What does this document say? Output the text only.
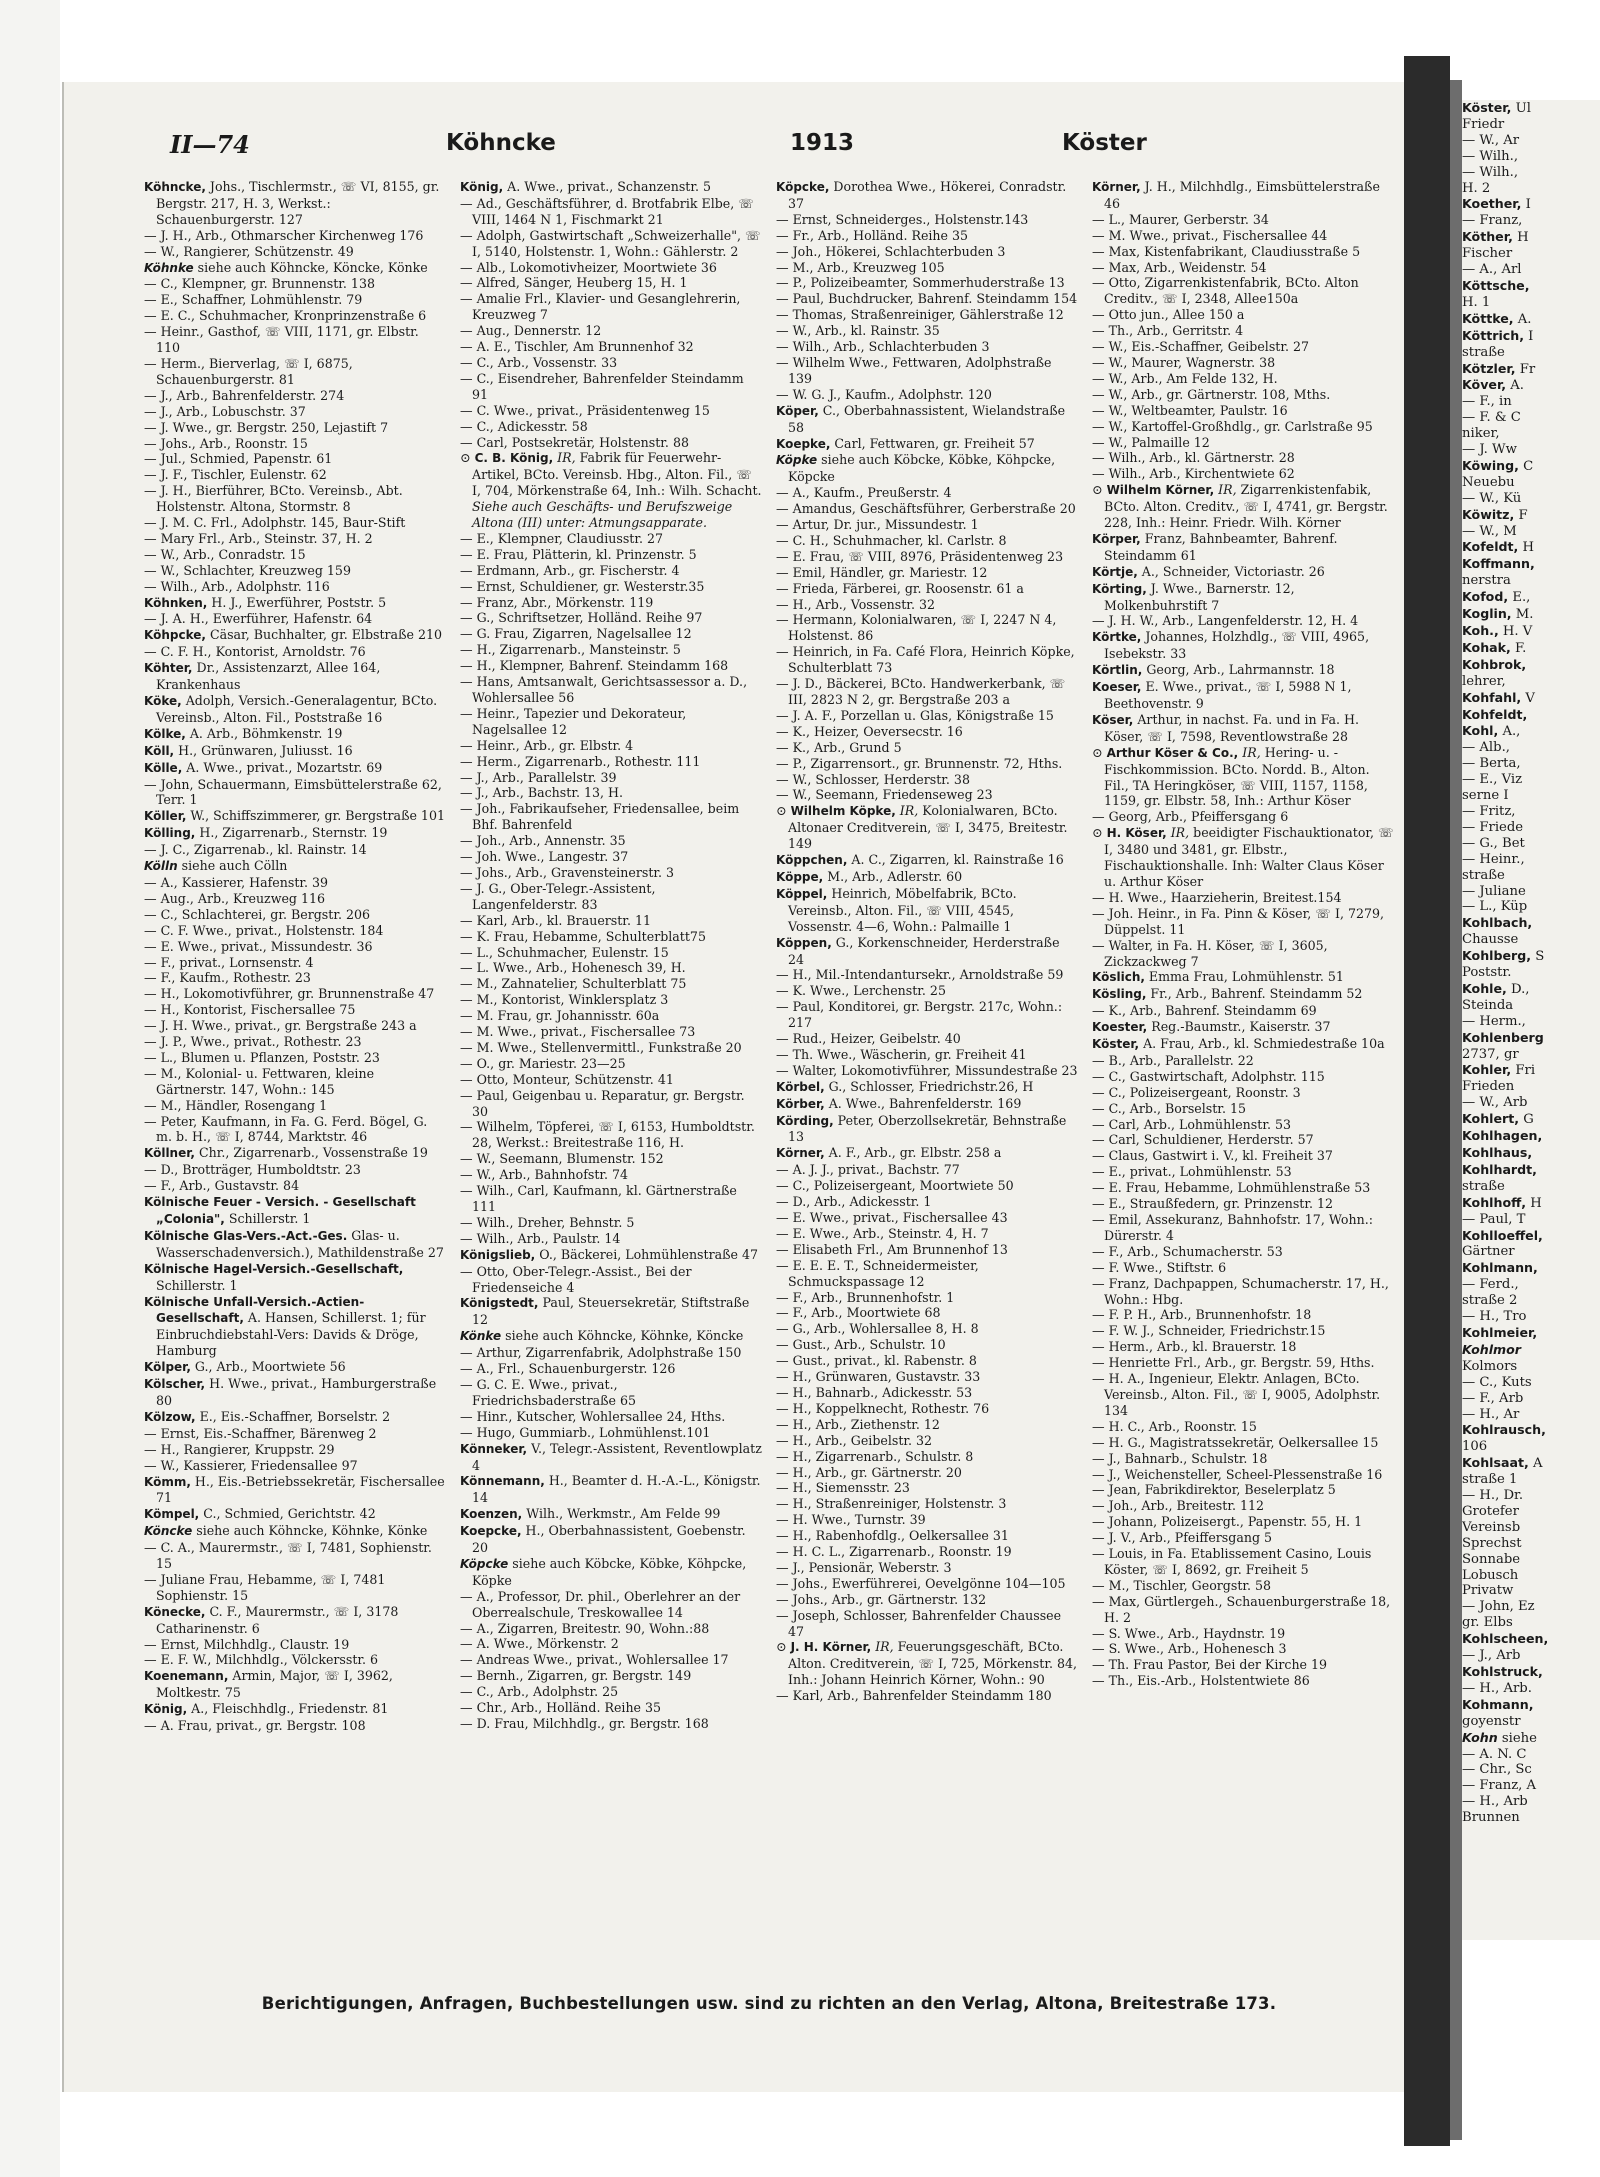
Köster, Ul
Friedr
— W., Ar
— Wilh.,
— Wilh.,
H. 2
Koether, I
— Franz,
Köther, H
Fischer
— A., Arl
Köttsche,
H. 1
Köttke, A.
Köttrich, I
straße
Kötzler, Fr
Köver, A.
— F., in
— F. & C
niker,
— J. Ww
Köwing, C
Neuebu
— W., Kü
Köwitz, F
— W., M
Kofeldt, H
Koffmann,
nerstra
Kofod, E.,
Koglin, M.
Koh., H. V
Kohak, F.
Kohbrok,
lehrer,
Kohfahl, V
Kohfeldt,
Kohl, A.,
— Alb.,
— Berta,
— E., Viz
serne I
— Fritz,
— Friede
— G., Bet
— Heinr.,
straße
— Juliane
— L., Küp
Kohlbach,
Chausse
Kohlberg, S
Poststr.
Kohle, D.,
Steinda
— Herm.,
Kohlenberg
2737, gr
Kohler, Fri
Frieden
— W., Arb
Kohlert, G
Kohlhagen,
Kohlhaus,
Kohlhardt,
straße
Kohlhoff, H
— Paul, T
Kohlloeffel,
Gärtner
Kohlmann,
— Ferd.,
straße 2
— H., Tro
Kohlmeier,
Kohlmor
Kolmors
— C., Kuts
— F., Arb
— H., Ar
Kohlrausch,
106
Kohlsaat, A
straße 1
— H., Dr.
Grotefer
Vereinsb
Sprechst
Sonnabe
Lobusch
Privatw
— John, Ez
gr. Elbs
Kohlscheen,
— J., Arb
Kohlstruck,
— H., Arb.
Kohmann,
goyenstr
Kohn siehe
— A. N. C
— Chr., Sc
— Franz, A
— H., Arb
Brunnen
II—74	Köhncke	1913	Köster

Köhncke, Johs., Tischlermstr., ☏ VI, 8155, gr. Bergstr. 217, H. 3, Werkst.: Schauenburgerstr. 127

— J. H., Arb., Othmarscher Kirchenweg 176

— W., Rangierer, Schützenstr. 49

Köhnke siehe auch Köhncke, Köncke, Könke

— C., Klempner, gr. Brunnenstr. 138

— E., Schaffner, Lohmühlenstr. 79

— E. C., Schuhmacher, Kronprinzenstraße 6

— Heinr., Gasthof, ☏ VIII, 1171, gr. Elbstr. 110

— Herm., Bierverlag, ☏ I, 6875, Schauenburgerstr. 81

— J., Arb., Bahrenfelderstr. 274

— J., Arb., Lobuschstr. 37

— J. Wwe., gr. Bergstr. 250, Lejastift 7

— Johs., Arb., Roonstr. 15

— Jul., Schmied, Papenstr. 61

— J. F., Tischler, Eulenstr. 62

— J. H., Bierführer, BCto. Vereinsb., Abt. Holstenstr. Altona, Stormstr. 8

— J. M. C. Frl., Adolphstr. 145, Baur-Stift

— Mary Frl., Arb., Steinstr. 37, H. 2

— W., Arb., Conradstr. 15

— W., Schlachter, Kreuzweg 159

— Wilh., Arb., Adolphstr. 116

Köhnken, H. J., Ewerführer, Poststr. 5

— J. A. H., Ewerführer, Hafenstr. 64

Köhpcke, Cäsar, Buchhalter, gr. Elbstraße 210

— C. F. H., Kontorist, Arnoldstr. 76

Köhter, Dr., Assistenzarzt, Allee 164, Krankenhaus

Köke, Adolph, Versich.-Generalagentur, BCto. Vereinsb., Alton. Fil., Poststraße 16

Kölke, A. Arb., Böhmkenstr. 19

Köll, H., Grünwaren, Juliusst. 16

Kölle, A. Wwe., privat., Mozartstr. 69

— John, Schauermann, Eimsbüttelerstraße 62, Terr. 1

Köller, W., Schiffszimmerer, gr. Bergstraße 101

Kölling, H., Zigarrenarb., Sternstr. 19

— J. C., Zigarrenab., kl. Rainstr. 14

Kölln siehe auch Cölln

— A., Kassierer, Hafenstr. 39

— Aug., Arb., Kreuzweg 116

— C., Schlachterei, gr. Bergstr. 206

— C. F. Wwe., privat., Holstenstr. 184

— E. Wwe., privat., Missundestr. 36

— F., privat., Lornsenstr. 4

— F., Kaufm., Rothestr. 23

— H., Lokomotivführer, gr. Brunnenstraße 47

— H., Kontorist, Fischersallee 75

— J. H. Wwe., privat., gr. Bergstraße 243 a

— J. P., Wwe., privat., Rothestr. 23

— L., Blumen u. Pflanzen, Poststr. 23

— M., Kolonial- u. Fettwaren, kleine Gärtnerstr. 147, Wohn.: 145

— M., Händler, Rosengang 1

— Peter, Kaufmann, in Fa. G. Ferd. Bögel, G. m. b. H., ☏ I, 8744, Marktstr. 46

Köllner, Chr., Zigarrenarb., Vossenstraße 19

— D., Brotträger, Humboldtstr. 23

— F., Arb., Gustavstr. 84

Kölnische Feuer - Versich. - Gesellschaft „Colonia", Schillerstr. 1

Kölnische Glas-Vers.-Act.-Ges. Glas- u. Wasserschadenversich.), Mathildenstraße 27

Kölnische Hagel-Versich.-Gesellschaft, Schillerstr. 1

Kölnische Unfall-Versich.-Actien-Gesellschaft, A. Hansen, Schillerst. 1; für Einbruchdiebstahl-Vers: Davids & Dröge, Hamburg

Kölper, G., Arb., Moortwiete 56

Kölscher, H. Wwe., privat., Hamburgerstraße 80

Kölzow, E., Eis.-Schaffner, Borselstr. 2

— Ernst, Eis.-Schaffner, Bärenweg 2

— H., Rangierer, Kruppstr. 29

— W., Kassierer, Friedensallee 97

Kömm, H., Eis.-Betriebssekretär, Fischersallee 71

Kömpel, C., Schmied, Gerichtstr. 42

Köncke siehe auch Köhncke, Köhnke, Könke

— C. A., Maurermstr., ☏ I, 7481, Sophienstr. 15

— Juliane Frau, Hebamme, ☏ I, 7481 Sophienstr. 15

Könecke, C. F., Maurermstr., ☏ I, 3178 Catharinenstr. 6

— Ernst, Milchhdlg., Claustr. 19

— E. F. W., Milchhdlg., Völckersstr. 6

Koenemann, Armin, Major, ☏ I, 3962, Moltkestr. 75

König, A., Fleischhdlg., Friedenstr. 81

— A. Frau, privat., gr. Bergstr. 108

König, A. Wwe., privat., Schanzenstr. 5

— Ad., Geschäftsführer, d. Brotfabrik Elbe, ☏ VIII, 1464 N 1, Fischmarkt 21

— Adolph, Gastwirtschaft „Schweizerhalle", ☏ I, 5140, Holstenstr. 1, Wohn.: Gählerstr. 2

— Alb., Lokomotivheizer, Moortwiete 36

— Alfred, Sänger, Heuberg 15, H. 1

— Amalie Frl., Klavier- und Gesanglehrerin, Kreuzweg 7

— Aug., Dennerstr. 12

— A. E., Tischler, Am Brunnenhof 32

— C., Arb., Vossenstr. 33

— C., Eisendreher, Bahrenfelder Steindamm 91

— C. Wwe., privat., Präsidentenweg 15

— C., Adickesstr. 58

— Carl, Postsekretär, Holstenstr. 88

⊙ C. B. König, IR, Fabrik für Feuerwehr-Artikel, BCto. Vereinsb. Hbg., Alton. Fil., ☏ I, 704, Mörkenstraße 64, Inh.: Wilh. Schacht. Siehe auch Geschäfts- und Berufszweige Altona (III) unter: Atmungsapparate.

— E., Klempner, Claudiusstr. 27

— E. Frau, Plätterin, kl. Prinzenstr. 5

— Erdmann, Arb., gr. Fischerstr. 4

— Ernst, Schuldiener, gr. Westerstr.35

— Franz, Abr., Mörkenstr. 119

— G., Schriftsetzer, Holländ. Reihe 97

— G. Frau, Zigarren, Nagelsallee 12

— H., Zigarrenarb., Mansteinstr. 5

— H., Klempner, Bahrenf. Steindamm 168

— Hans, Amtsanwalt, Gerichtsassessor a. D., Wohlersallee 56

— Heinr., Tapezier und Dekorateur, Nagelsallee 12

— Heinr., Arb., gr. Elbstr. 4

— Herm., Zigarrenarb., Rothestr. 111

— J., Arb., Parallelstr. 39

— J., Arb., Bachstr. 13, H.

— Joh., Fabrikaufseher, Friedensallee, beim Bhf. Bahrenfeld

— Joh., Arb., Annenstr. 35

— Joh. Wwe., Langestr. 37

— Johs., Arb., Gravensteinerstr. 3

— J. G., Ober-Telegr.-Assistent, Langenfelderstr. 83

— Karl, Arb., kl. Brauerstr. 11

— K. Frau, Hebamme, Schulterblatt75

— L., Schuhmacher, Eulenstr. 15

— L. Wwe., Arb., Hohenesch 39, H.

— M., Zahnatelier, Schulterblatt 75

— M., Kontorist, Winklersplatz 3

— M. Frau, gr. Johannisstr. 60a

— M. Wwe., privat., Fischersallee 73

— M. Wwe., Stellenvermittl., Funkstraße 20

— O., gr. Mariestr. 23—25

— Otto, Monteur, Schützenstr. 41

— Paul, Geigenbau u. Reparatur, gr. Bergstr. 30

— Wilhelm, Töpferei, ☏ I, 6153, Humboldtstr. 28, Werkst.: Breitestraße 116, H.

— W., Seemann, Blumenstr. 152

— W., Arb., Bahnhofstr. 74

— Wilh., Carl, Kaufmann, kl. Gärtnerstraße 111

— Wilh., Dreher, Behnstr. 5

— Wilh., Arb., Paulstr. 14

Königslieb, O., Bäckerei, Lohmühlenstraße 47

— Otto, Ober-Telegr.-Assist., Bei der Friedenseiche 4

Königstedt, Paul, Steuersekretär, Stiftstraße 12

Könke siehe auch Köhncke, Köhnke, Köncke

— Arthur, Zigarrenfabrik, Adolphstraße 150

— A., Frl., Schauenburgerstr. 126

— G. C. E. Wwe., privat., Friedrichsbaderstraße 65

— Hinr., Kutscher, Wohlersallee 24, Hths.

— Hugo, Gummiarb., Lohmühlenst.101

Könneker, V., Telegr.-Assistent, Reventlowplatz 4

Könnemann, H., Beamter d. H.-A.-L., Königstr. 14

Koenzen, Wilh., Werkmstr., Am Felde 99

Koepcke, H., Oberbahnassistent, Goebenstr. 20

Köpcke siehe auch Köbcke, Köbke, Köhpcke, Köpke

— A., Professor, Dr. phil., Oberlehrer an der Oberrealschule, Treskowallee 14

— A., Zigarren, Breitestr. 90, Wohn.:88

— A. Wwe., Mörkenstr. 2

— Andreas Wwe., privat., Wohlersallee 17

— Bernh., Zigarren, gr. Bergstr. 149

— C., Arb., Adolphstr. 25

— Chr., Arb., Holländ. Reihe 35

— D. Frau, Milchhdlg., gr. Bergstr. 168

Köpcke, Dorothea Wwe., Hökerei, Conradstr. 37

— Ernst, Schneiderges., Holstenstr.143

— Fr., Arb., Holländ. Reihe 35

— Joh., Hökerei, Schlachterbuden 3

— M., Arb., Kreuzweg 105

— P., Polizeibeamter, Sommerhuderstraße 13

— Paul, Buchdrucker, Bahrenf. Steindamm 154

— Thomas, Straßenreiniger, Gählerstraße 12

— W., Arb., kl. Rainstr. 35

— Wilh., Arb., Schlachterbuden 3

— Wilhelm Wwe., Fettwaren, Adolphstraße 139

— W. G. J., Kaufm., Adolphstr. 120

Köper, C., Oberbahnassistent, Wielandstraße 58

Koepke, Carl, Fettwaren, gr. Freiheit 57

Köpke siehe auch Köbcke, Köbke, Köhpcke, Köpcke

— A., Kaufm., Preußerstr. 4

— Amandus, Geschäftsführer, Gerberstraße 20

— Artur, Dr. jur., Missundestr. 1

— C. H., Schuhmacher, kl. Carlstr. 8

— E. Frau, ☏ VIII, 8976, Präsidentenweg 23

— Emil, Händler, gr. Mariestr. 12

— Frieda, Färberei, gr. Roosenstr. 61 a

— H., Arb., Vossenstr. 32

— Hermann, Kolonialwaren, ☏ I, 2247 N 4, Holstenst. 86

— Heinrich, in Fa. Café Flora, Heinrich Köpke, Schulterblatt 73

— J. D., Bäckerei, BCto. Handwerkerbank, ☏ III, 2823 N 2, gr. Bergstraße 203 a

— J. A. F., Porzellan u. Glas, Königstraße 15

— K., Heizer, Oeversecstr. 16

— K., Arb., Grund 5

— P., Zigarrensort., gr. Brunnenstr. 72, Hths.

— W., Schlosser, Herderstr. 38

— W., Seemann, Friedenseweg 23

⊙ Wilhelm Köpke, IR, Kolonialwaren, BCto. Altonaer Creditverein, ☏ I, 3475, Breitestr. 149

Köppchen, A. C., Zigarren, kl. Rainstraße 16

Köppe, M., Arb., Adlerstr. 60

Köppel, Heinrich, Möbelfabrik, BCto. Vereinsb., Alton. Fil., ☏ VIII, 4545, Vossenstr. 4—6, Wohn.: Palmaille 1

Köppen, G., Korkenschneider, Herderstraße 24

— H., Mil.-Intendantursekr., Arnoldstraße 59

— K. Wwe., Lerchenstr. 25

— Paul, Konditorei, gr. Bergstr. 217c, Wohn.: 217

— Rud., Heizer, Geibelstr. 40

— Th. Wwe., Wäscherin, gr. Freiheit 41

— Walter, Lokomotivführer, Missundestraße 23

Körbel, G., Schlosser, Friedrichstr.26, H

Körber, A. Wwe., Bahrenfelderstr. 169

Körding, Peter, Oberzollsekretär, Behnstraße 13

Körner, A. F., Arb., gr. Elbstr. 258 a

— A. J. J., privat., Bachstr. 77

— C., Polizeisergeant, Moortwiete 50

— D., Arb., Adickesstr. 1

— E. Wwe., privat., Fischersallee 43

— E. Wwe., Arb., Steinstr. 4, H. 7

— Elisabeth Frl., Am Brunnenhof 13

— E. E. E. T., Schneidermeister, Schmuckspassage 12

— F., Arb., Brunnenhofstr. 1

— F., Arb., Moortwiete 68

— G., Arb., Wohlersallee 8, H. 8

— Gust., Arb., Schulstr. 10

— Gust., privat., kl. Rabenstr. 8

— H., Grünwaren, Gustavstr. 33

— H., Bahnarb., Adickesstr. 53

— H., Koppelknecht, Rothestr. 76

— H., Arb., Ziethenstr. 12

— H., Arb., Geibelstr. 32

— H., Zigarrenarb., Schulstr. 8

— H., Arb., gr. Gärtnerstr. 20

— H., Siemensstr. 23

— H., Straßenreiniger, Holstenstr. 3

— H. Wwe., Turnstr. 39

— H., Rabenhofdlg., Oelkersallee 31

— H. C. L., Zigarrenarb., Roonstr. 19

— J., Pensionär, Weberstr. 3

— Johs., Ewerführerei, Oevelgönne 104—105

— Johs., Arb., gr. Gärtnerstr. 132

— Joseph, Schlosser, Bahrenfelder Chaussee 47

⊙ J. H. Körner, IR, Feuerungsgeschäft, BCto. Alton. Creditverein, ☏ I, 725, Mörkenstr. 84, Inh.: Johann Heinrich Körner, Wohn.: 90

— Karl, Arb., Bahrenfelder Steindamm 180

Körner, J. H., Milchhdlg., Eimsbüttelerstraße 46

— L., Maurer, Gerberstr. 34

— M. Wwe., privat., Fischersallee 44

— Max, Kistenfabrikant, Claudiusstraße 5

— Max, Arb., Weidenstr. 54

— Otto, Zigarrenkistenfabrik, BCto. Alton Creditv., ☏ I, 2348, Allee150a

— Otto jun., Allee 150 a

— Th., Arb., Gerritstr. 4

— W., Eis.-Schaffner, Geibelstr. 27

— W., Maurer, Wagnerstr. 38

— W., Arb., Am Felde 132, H.

— W., Arb., gr. Gärtnerstr. 108, Mths.

— W., Weltbeamter, Paulstr. 16

— W., Kartoffel-Großhdlg., gr. Carlstraße 95

— W., Palmaille 12

— Wilh., Arb., kl. Gärtnerstr. 28

— Wilh., Arb., Kirchentwiete 62

⊙ Wilhelm Körner, IR, Zigarrenkistenfabik, BCto. Alton. Creditv., ☏ I, 4741, gr. Bergstr. 228, Inh.: Heinr. Friedr. Wilh. Körner

Körper, Franz, Bahnbeamter, Bahrenf. Steindamm 61

Körtje, A., Schneider, Victoriastr. 26

Körting, J. Wwe., Barnerstr. 12, Molkenbuhrstift 7

— J. H. W., Arb., Langenfelderstr. 12, H. 4

Körtke, Johannes, Holzhdlg., ☏ VIII, 4965, Isebekstr. 33

Körtlin, Georg, Arb., Lahrmannstr. 18

Koeser, E. Wwe., privat., ☏ I, 5988 N 1, Beethovenstr. 9

Köser, Arthur, in nachst. Fa. und in Fa. H. Köser, ☏ I, 7598, Reventlowstraße 28

⊙ Arthur Köser & Co., IR, Hering- u. -Fischkommission. BCto. Nordd. B., Alton. Fil., TA Heringköser, ☏ VIII, 1157, 1158, 1159, gr. Elbstr. 58, Inh.: Arthur Köser

— Georg, Arb., Pfeiffersgang 6

⊙ H. Köser, IR, beeidigter Fischauktionator, ☏ I, 3480 und 3481, gr. Elbstr., Fischauktionshalle. Inh: Walter Claus Köser u. Arthur Köser

— H. Wwe., Haarzieherin, Breitest.154

— Joh. Heinr., in Fa. Pinn & Köser, ☏ I, 7279, Düppelst. 11

— Walter, in Fa. H. Köser, ☏ I, 3605, Zickzackweg 7

Köslich, Emma Frau, Lohmühlenstr. 51

Kösling, Fr., Arb., Bahrenf. Steindamm 52

— K., Arb., Bahrenf. Steindamm 69

Koester, Reg.-Baumstr., Kaiserstr. 37

Köster, A. Frau, Arb., kl. Schmiedestraße 10a

— B., Arb., Parallelstr. 22

— C., Gastwirtschaft, Adolphstr. 115

— C., Polizeisergeant, Roonstr. 3

— C., Arb., Borselstr. 15

— Carl, Arb., Lohmühlenstr. 53

— Carl, Schuldiener, Herderstr. 57

— Claus, Gastwirt i. V., kl. Freiheit 37

— E., privat., Lohmühlenstr. 53

— E. Frau, Hebamme, Lohmühlenstraße 53

— E., Straußfedern, gr. Prinzenstr. 12

— Emil, Assekuranz, Bahnhofstr. 17, Wohn.: Dürerstr. 4

— F., Arb., Schumacherstr. 53

— F. Wwe., Stiftstr. 6

— Franz, Dachpappen, Schumacherstr. 17, H., Wohn.: Hbg.

— F. P. H., Arb., Brunnenhofstr. 18

— F. W. J., Schneider, Friedrichstr.15

— Herm., Arb., kl. Brauerstr. 18

— Henriette Frl., Arb., gr. Bergstr. 59, Hths.

— H. A., Ingenieur, Elektr. Anlagen, BCto. Vereinsb., Alton. Fil., ☏ I, 9005, Adolphstr. 134

— H. C., Arb., Roonstr. 15

— H. G., Magistratssekretär, Oelkersallee 15

— J., Bahnarb., Schulstr. 18

— J., Weichensteller, Scheel-Plessenstraße 16

— Jean, Fabrikdirektor, Beselerplatz 5

— Joh., Arb., Breitestr. 112

— Johann, Polizeisergt., Papenstr. 55, H. 1

— J. V., Arb., Pfeiffersgang 5

— Louis, in Fa. Etablissement Casino, Louis Köster, ☏ I, 8692, gr. Freiheit 5

— M., Tischler, Georgstr. 58

— Max, Gürtlergeh., Schauenburgerstraße 18, H. 2

— S. Wwe., Arb., Haydnstr. 19

— S. Wwe., Arb., Hohenesch 3

— Th. Frau Pastor, Bei der Kirche 19

— Th., Eis.-Arb., Holstentwiete 86

Berichtigungen, Anfragen, Buchbestellungen usw. sind zu richten an den Verlag, Altona, Breitestraße 173.
